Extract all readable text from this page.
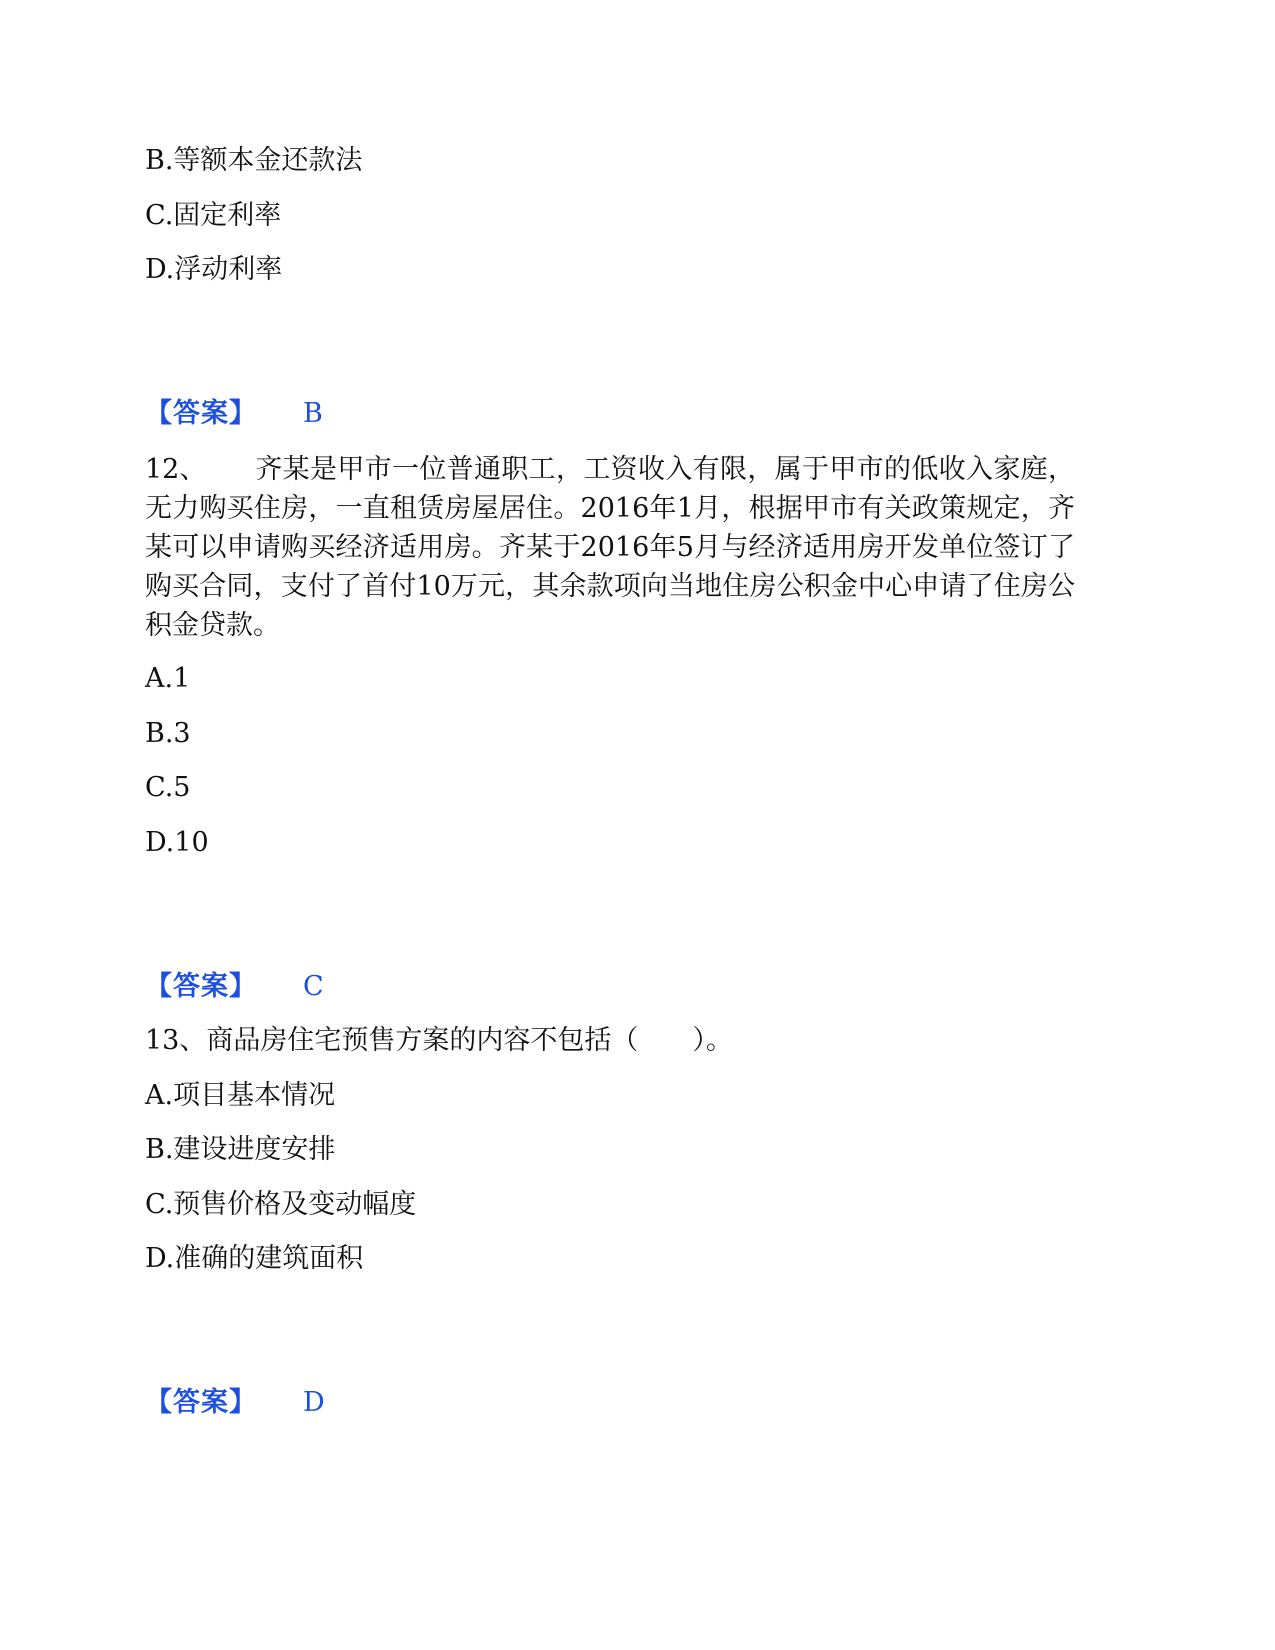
B.等额本金还款法

C.固定利率

D.浮动利率

【答案】 B

12、 齐某是甲市一位普通职工，工资收入有限，属于甲市的低收入家庭，无力购买住房，一直租赁房屋居住。2016年1月，根据甲市有关政策规定，齐某可以申请购买经济适用房。齐某于2016年5月与经济适用房开发单位签订了购买合同，支付了首付10万元，其余款项向当地住房公积金中心申请了住房公积金贷款。

A.1

B.3

C.5

D.10

【答案】 C

13、商品房住宅预售方案的内容不包括（　　）。

A.项目基本情况

B.建设进度安排

C.预售价格及变动幅度

D.准确的建筑面积

【答案】 D
